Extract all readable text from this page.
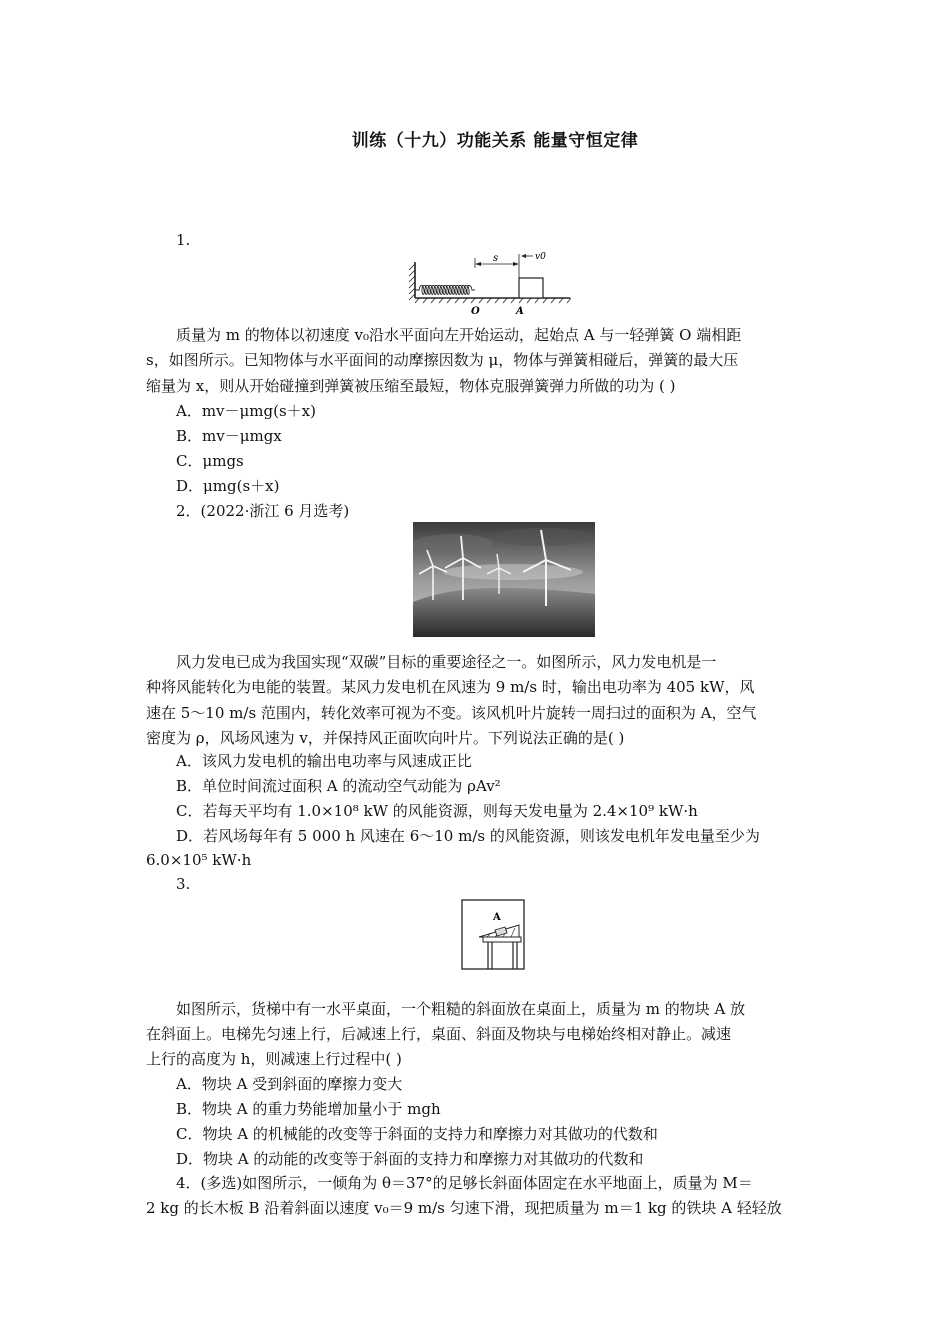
训练（十九）功能关系 能量守恒定律
1.
s	v0
O	A
质量为 m 的物体以初速度 v₀沿水平面向左开始运动，起始点 A 与一轻弹簧 O 端相距
s，如图所示。已知物体与水平面间的动摩擦因数为 μ，物体与弹簧相碰后，弹簧的最大压
缩量为 x，则从开始碰撞到弹簧被压缩至最短，物体克服弹簧弹力所做的功为 ( )
A．mv－μmg(s＋x)
B．mv－μmgx
C．μmgs
D．μmg(s＋x)
2．(2022·浙江 6 月选考)
风力发电已成为我国实现“双碳”目标的重要途径之一。如图所示，风力发电机是一
种将风能转化为电能的装置。某风力发电机在风速为 9 m/s 时，输出电功率为 405 kW，风
速在 5～10 m/s 范围内，转化效率可视为不变。该风机叶片旋转一周扫过的面积为 A，空气
密度为 ρ，风场风速为 v，并保持风正面吹向叶片。下列说法正确的是( )
A．该风力发电机的输出电功率与风速成正比
B．单位时间流过面积 A 的流动空气动能为 ρAv²
C．若每天平均有 1.0×10⁸ kW 的风能资源，则每天发电量为 2.4×10⁹ kW·h
D．若风场每年有 5 000 h 风速在 6～10 m/s 的风能资源，则该发电机年发电量至少为
6.0×10⁵ kW·h
3.
A
如图所示，货梯中有一水平桌面，一个粗糙的斜面放在桌面上，质量为 m 的物块 A 放
在斜面上。电梯先匀速上行，后减速上行，桌面、斜面及物块与电梯始终相对静止。减速
上行的高度为 h，则减速上行过程中( )
A．物块 A 受到斜面的摩擦力变大
B．物块 A 的重力势能增加量小于 mgh
C．物块 A 的机械能的改变等于斜面的支持力和摩擦力对其做功的代数和
D．物块 A 的动能的改变等于斜面的支持力和摩擦力对其做功的代数和
4．(多选)如图所示，一倾角为 θ＝37°的足够长斜面体固定在水平地面上，质量为 M＝
2 kg 的长木板 B 沿着斜面以速度 v₀＝9 m/s 匀速下滑，现把质量为 m＝1 kg 的铁块 A 轻轻放
